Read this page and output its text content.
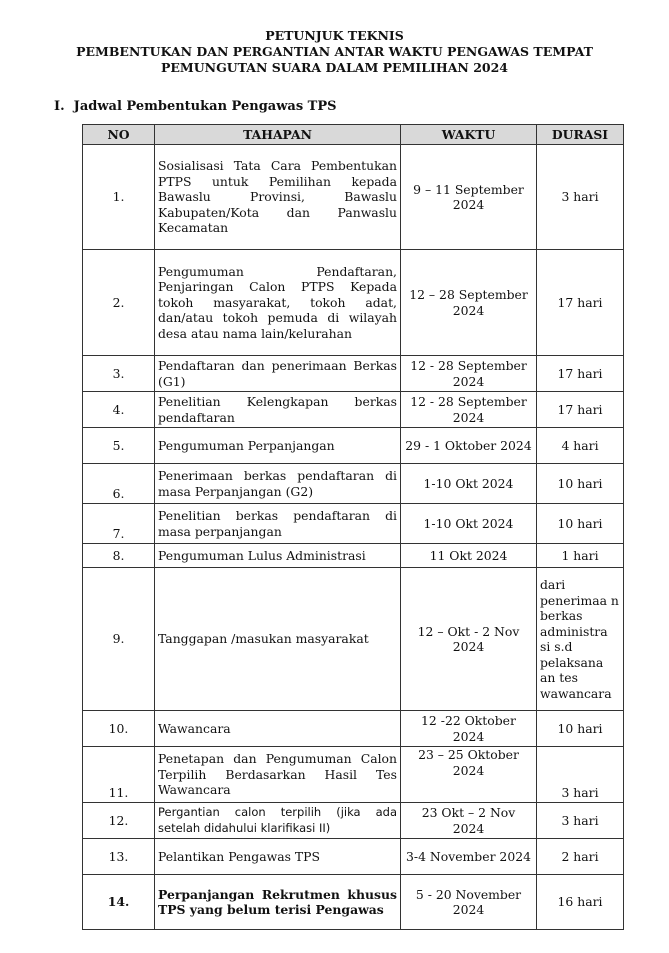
PETUNJUK TEKNIS
PEMBENTUKAN DAN PERGANTIAN ANTAR WAKTU PENGAWAS TEMPAT
PEMUNGUTAN SUARA DALAM PEMILIHAN 2024
I. Jadwal Pembentukan Pengawas TPS
NO	TAHAPAN	WAKTU	DURASI
1.	Sosialisasi Tata Cara Pembentukan PTPS untuk Pemilihan kepada Bawaslu Provinsi, Bawaslu Kabupaten/Kota dan Panwaslu Kecamatan	9 – 11 September 2024	3 hari
2.	Pengumuman Pendaftaran, Penjaringan Calon PTPS Kepada tokoh masyarakat, tokoh adat, dan/atau tokoh pemuda di wilayah desa atau nama lain/kelurahan	12 – 28 September 2024	17 hari
3.	Pendaftaran dan penerimaan Berkas (G1)	12 - 28 September 2024	17 hari
4.	Penelitian Kelengkapan berkas pendaftaran	12 - 28 September 2024	17 hari
5.	Pengumuman Perpanjangan	29 - 1 Oktober 2024	4 hari
6.	Penerimaan berkas pendaftaran di masa Perpanjangan (G2)	1-10 Okt 2024	10 hari
7.	Penelitian berkas pendaftaran di masa perpanjangan	1-10 Okt 2024	10 hari
8.	Pengumuman Lulus Administrasi	11 Okt 2024	1 hari
9.	Tanggapan /masukan masyarakat	12 – Okt - 2 Nov 2024	dari penerimaa n berkas administra si s.d pelaksana an tes wawancara
10.	Wawancara	12 -22 Oktober 2024	10 hari
11.	Penetapan dan Pengumuman Calon Terpilih Berdasarkan Hasil Tes Wawancara	23 – 25 Oktober 2024	3 hari
12.	Pergantian calon terpilih (jika ada setelah didahului klarifikasi II)	23 Okt – 2 Nov 2024	3 hari
13.	Pelantikan Pengawas TPS	3-4 November 2024	2 hari
14.	Perpanjangan Rekrutmen khusus TPS yang belum terisi Pengawas	5 - 20 November 2024	16 hari
